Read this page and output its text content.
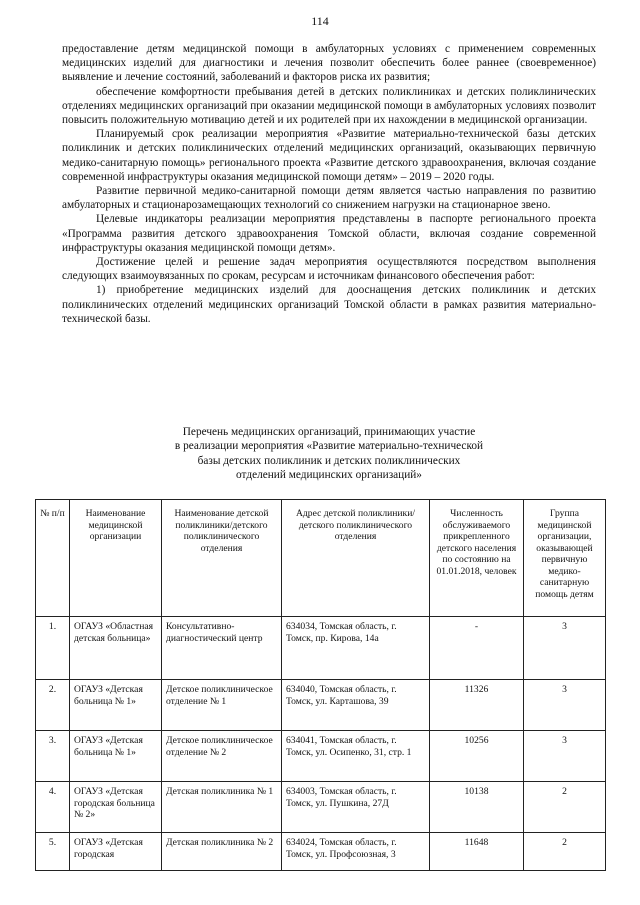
114

предоставление детям медицинской помощи в амбулаторных условиях с применением современных медицинских изделий для диагностики и лечения позволит обеспечить более раннее (своевременное) выявление и лечение состояний, заболеваний и факторов риска их развития;

обеспечение комфортности пребывания детей в детских поликлиниках и детских поликлинических отделениях медицинских организаций при оказании медицинской помощи в амбулаторных условиях позволит повысить положительную мотивацию детей и их родителей при их нахождении в медицинской организации.

Планируемый срок реализации мероприятия «Развитие материально-технической базы детских поликлиник и детских поликлинических отделений медицинских организаций, оказывающих первичную медико-санитарную помощь» регионального проекта «Развитие детского здравоохранения, включая создание современной инфраструктуры оказания медицинской помощи детям» – 2019 – 2020 годы.

Развитие первичной медико-санитарной помощи детям является частью направления по развитию амбулаторных и стационарозамещающих технологий со снижением нагрузки на стационарное звено.

Целевые индикаторы реализации мероприятия представлены в паспорте регионального проекта «Программа развития детского здравоохранения Томской области, включая создание современной инфраструктуры оказания медицинской помощи детям».

Достижение целей и решение задач мероприятия осуществляются посредством выполнения следующих взаимоувязанных по срокам, ресурсам и источникам финансового обеспечения работ:

1) приобретение медицинских изделий для дооснащения детских поликлиник и детских поликлинических отделений медицинских организаций Томской области в рамках развития материально-технической базы.

Перечень медицинских организаций, принимающих участие
в реализации мероприятия «Развитие материально-технической
базы детских поликлиник и детских поликлинических
отделений медицинских организаций»
№ п/п	Наименование медицинской организации	Наименование детской поликлиники/детского поликлинического отделения	Адрес детской поликлиники/детского поликлинического отделения	Численность обслуживаемого прикрепленного детского населения по состоянию на 01.01.2018, человек	Группа медицинской организации, оказывающей первичную медико-санитарную помощь детям
1.	ОГАУЗ «Областная детская больница»	Консультативно-диагностический центр	634034, Томская область, г. Томск, пр. Кирова, 14а	-	3
2.	ОГАУЗ «Детская больница № 1»	Детское поликлиническое отделение № 1	634040, Томская область, г. Томск, ул. Карташова, 39	11326	3
3.	ОГАУЗ «Детская больница № 1»	Детское поликлиническое отделение № 2	634041, Томская область, г. Томск, ул. Осипенко, 31, стр. 1	10256	3
4.	ОГАУЗ «Детская городская больница № 2»	Детская поликлиника № 1	634003, Томская область, г. Томск, ул. Пушкина, 27Д	10138	2
5.	ОГАУЗ «Детская городская	Детская поликлиника № 2	634024, Томская область, г. Томск, ул. Профсоюзная, 3	11648	2
